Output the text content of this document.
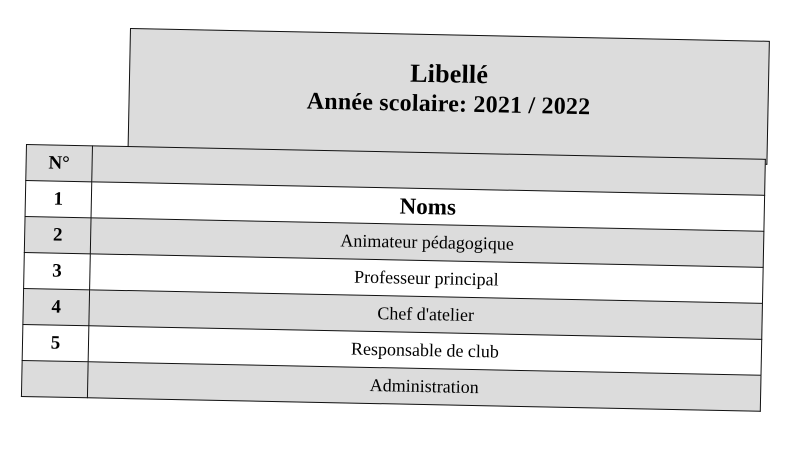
Libellé
Année scolaire: 2021 / 2022
N°	
1	Noms
2	Animateur pédagogique
3	Professeur principal
4	Chef d'atelier
5	Responsable de club
	Administration
